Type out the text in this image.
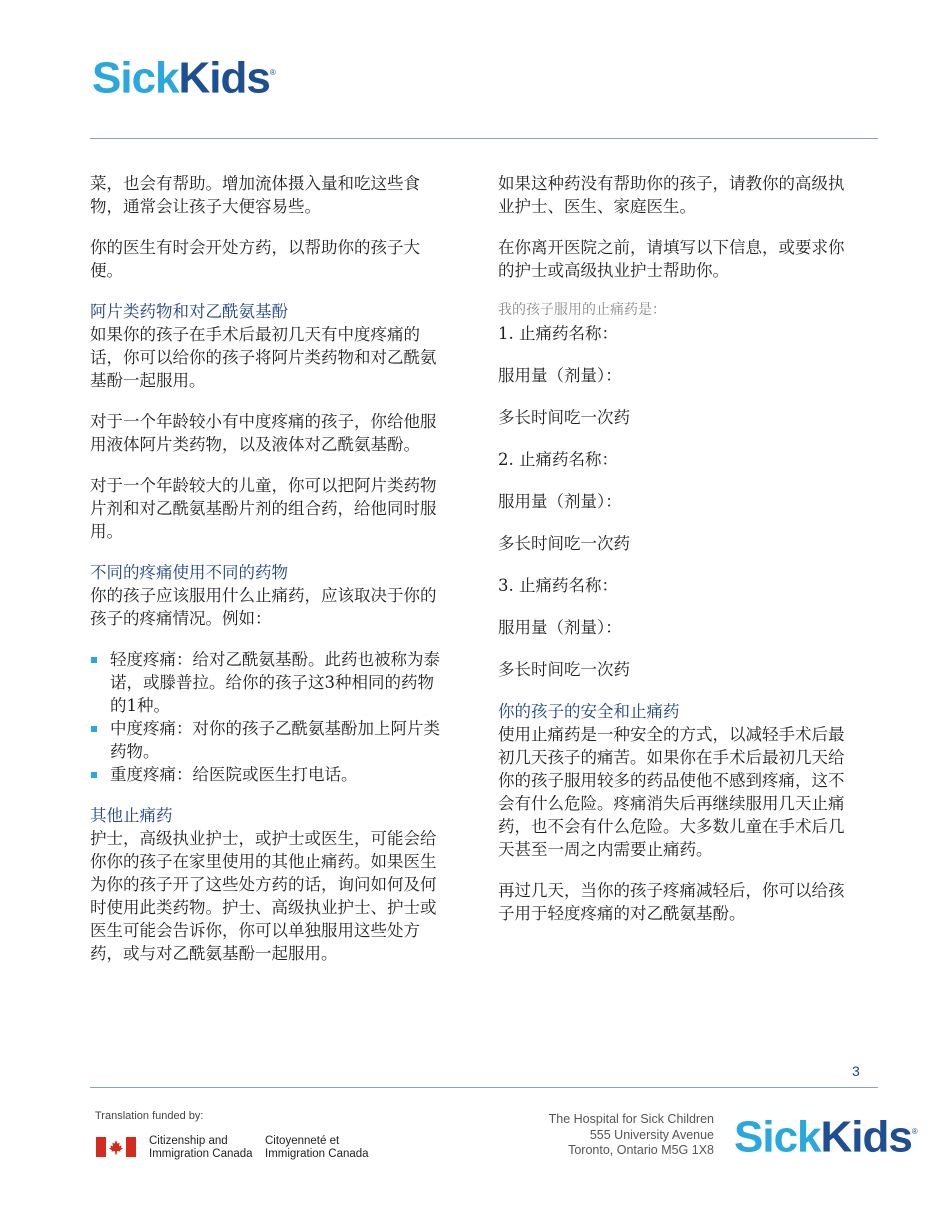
SickKids®

菜，也会有帮助。增加流体摄入量和吃这些食物，通常会让孩子大便容易些。

你的医生有时会开处方药，以帮助你的孩子大便。

阿片类药物和对乙酰氨基酚

如果你的孩子在手术后最初几天有中度疼痛的话，你可以给你的孩子将阿片类药物和对乙酰氨基酚一起服用。

对于一个年龄较小有中度疼痛的孩子，你给他服用液体阿片类药物，以及液体对乙酰氨基酚。

对于一个年龄较大的儿童，你可以把阿片类药物片剂和对乙酰氨基酚片剂的组合药，给他同时服用。

不同的疼痛使用不同的药物

你的孩子应该服用什么止痛药，应该取决于你的孩子的疼痛情况。例如：

轻度疼痛：给对乙酰氨基酚。此药也被称为泰诺，或滕普拉。给你的孩子这3种相同的药物的1种。
中度疼痛：对你的孩子乙酰氨基酚加上阿片类药物。
重度疼痛：给医院或医生打电话。
其他止痛药

护士，高级执业护士，或护士或医生，可能会给你你的孩子在家里使用的其他止痛药。如果医生为你的孩子开了这些处方药的话，询问如何及何时使用此类药物。护士、高级执业护士、护士或医生可能会告诉你，你可以单独服用这些处方药，或与对乙酰氨基酚一起服用。

如果这种药没有帮助你的孩子，请教你的高级执业护士、医生、家庭医生。

在你离开医院之前，请填写以下信息，或要求你的护士或高级执业护士帮助你。

我的孩子服用的止痛药是：
1. 止痛药名称：
服用量（剂量）：
多长时间吃一次药
2. 止痛药名称：
服用量（剂量）：
多长时间吃一次药
3. 止痛药名称：
服用量（剂量）：
多长时间吃一次药
你的孩子的安全和止痛药

使用止痛药是一种安全的方式，以减轻手术后最初几天孩子的痛苦。如果你在手术后最初几天给你的孩子服用较多的药品使他不感到疼痛，这不会有什么危险。疼痛消失后再继续服用几天止痛药，也不会有什么危险。大多数儿童在手术后几天甚至一周之内需要止痛药。

再过几天，当你的孩子疼痛减轻后，你可以给孩子用于轻度疼痛的对乙酰氨基酚。

3
Translation funded by:
Citizenship and
Immigration Canada
Citoyenneté et
Immigration Canada
The Hospital for Sick Children
555 University Avenue
Toronto, Ontario M5G 1X8 SickKids®
